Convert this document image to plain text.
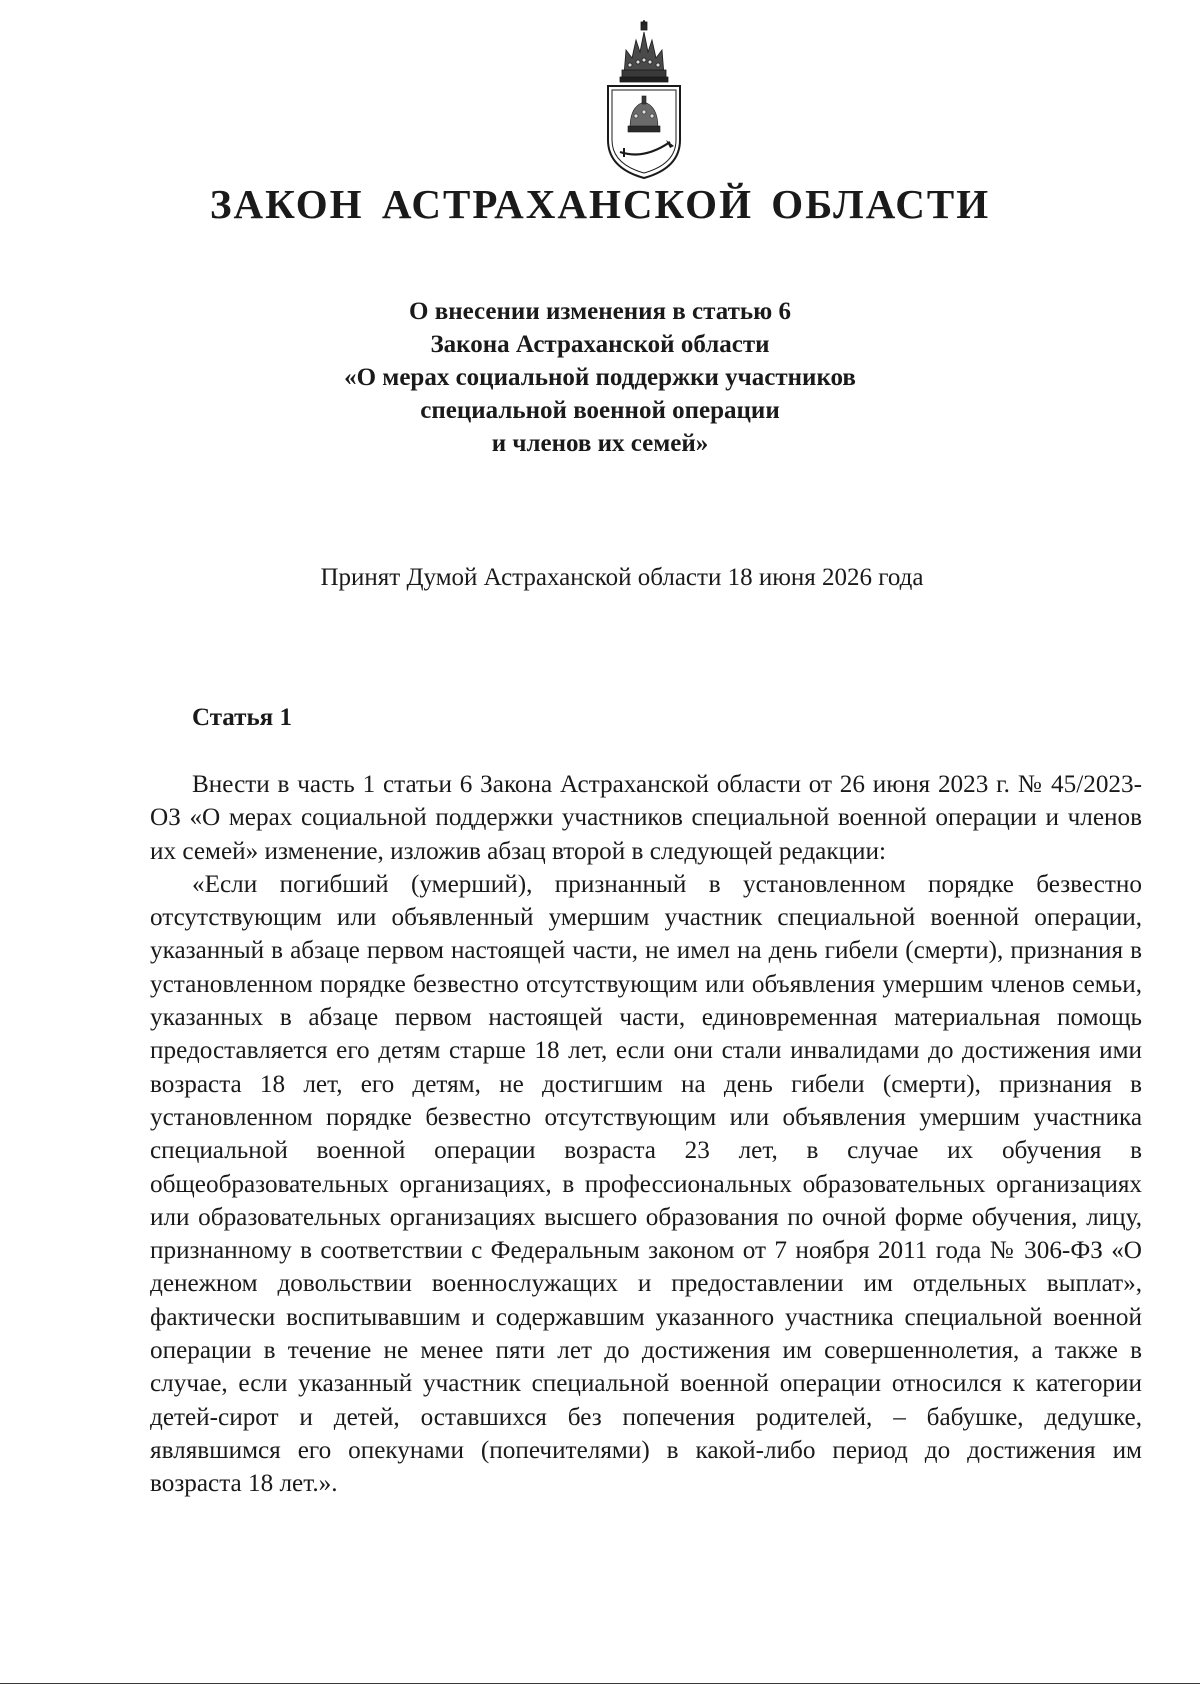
ЗАКОН АСТРАХАНСКОЙ ОБЛАСТИ
О внесении изменения в статью 6
Закона Астраханской области
«О мерах социальной поддержки участников
специальной военной операции
и членов их семей»
Принят Думой Астраханской области 18 июня 2026 года
Статья 1

Внести в часть 1 статьи 6 Закона Астраханской области от 26 июня 2023 г. № 45/2023-ОЗ «О мерах социальной поддержки участников специальной военной операции и членов их семей» изменение, изложив абзац второй в следующей редакции:

«Если погибший (умерший), признанный в установленном порядке безвестно отсутствующим или объявленный умершим участник специальной военной операции, указанный в абзаце первом настоящей части, не имел на день гибели (смерти), признания в установленном порядке безвестно отсутствующим или объявления умершим членов семьи, указанных в абзаце первом настоящей части, единовременная материальная помощь предоставляется его детям старше 18 лет, если они стали инвалидами до достижения ими возраста 18 лет, его детям, не достигшим на день гибели (смерти), признания в установленном порядке безвестно отсутствующим или объявления умершим участника специальной военной операции возраста 23 лет, в случае их обучения в общеобразовательных организациях, в профессиональных образовательных организациях или образовательных организациях высшего образования по очной форме обучения, лицу, признанному в соответствии с Федеральным законом от 7 ноября 2011 года № 306-ФЗ «О денежном довольствии военнослужащих и предоставлении им отдельных выплат», фактически воспитывавшим и содержавшим указанного участника специальной военной операции в течение не менее пяти лет до достижения им совершеннолетия, а также в случае, если указанный участник специальной военной операции относился к категории детей-сирот и детей, оставшихся без попечения родителей, – бабушке, дедушке, являвшимся его опекунами (попечителями) в какой-либо период до достижения им возраста 18 лет.».
